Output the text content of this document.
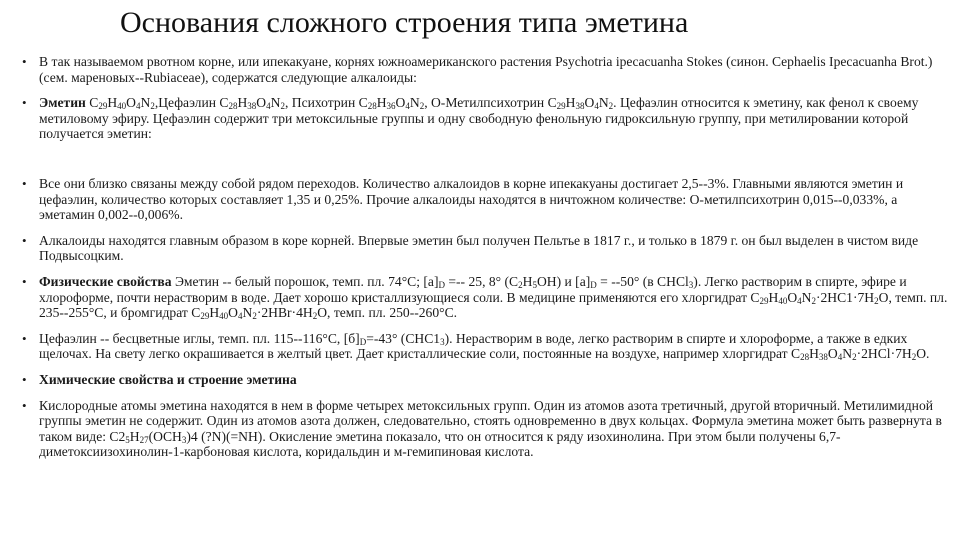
Основания сложного строения типа эметина
• В так называемом рвотном корне, или ипекакуане, корнях южноамериканского растения Psychotria ipecacuanha Stokes (синон. Cephaelis Ipecacuanha Brot.) (сем. мареновых--Rubiaceae), содержатся следующие алкалоиды:
• Эметин $C_{29}H_{40}O_4N_2,Цефаэлин$ $C_{28}H_{38}O_4N_2$, Психотрин $C_{28}H_{36}O_4N_2$, O-Метилпсихотрин $C_{29}H_{38}O_4N_2$. Цефаэлин относится к эметину, как фенол к своему метиловому эфиру. Цефаэлин содержит три метоксильные группы и одну свободную фенольную гидроксильную группу, при метилировании которой получается эметин:
• Все они близко связаны между собой рядом переходов. Количество алкалоидов в корне ипекакуаны достигает 2,5--3%. Главными являются эметин и цефаэлин, количество которых составляет 1,35 и 0,25%. Прочие алкалоиды находятся в ничтожном количестве: O-метилпсихотрин 0,015--0,033%, а эметамин 0,002--0,006%.
• Алкалоиды находятся главным образом в коре корней. Впервые эметин был получен Пельтье в 1817 г., и только в 1879 г. он был выделен в чистом виде Подвысоцким.
• Физические свойства Эметин -- белый порошок, темп. пл. 74°C; $[a]_D$ =-- 25, 8° $(C_2H_5OH)$ и $[a]_D = --50^\circ$ (в CHCl$_3$). Легко растворим в спирте, эфире и хлороформе, почти нерастворим в воде. Дает хорошо кристаллизующиеся соли. В медицине применяются его хлоргидрат $C_{29}H_{40}O_4N_2\cdot 2HC1\cdot 7H_2O$, темп. пл. 235--255°C, и бромгидрат $C_{29}H_{40}O_4N_2\cdot 2HBr\cdot 4H_2O$, темп. пл. 250--260°C.
• Цефаэлин -- бесцветные иглы, темп. пл. 115--116°C, $[б]_D=-43^\circ$ $(CHC1_3)$. Нерастворим в воде, легко растворим в спирте и хлороформе, а также в едких щелочах. На свету легко окрашивается в желтый цвет. Дает кристаллические соли, постоянные на воздухе, например хлоргидрат $C_{28}H_{38}O_4N_2\cdot 2HCl\cdot 7H_2O$.
• Химические свойства и строение эметина
• Кислородные атомы эметина находятся в нем в форме четырех метоксильных групп. Один из атомов азота третичный, другой вторичный. Метилимидной группы эметин не содержит. Один из атомов азота должен, следовательно, стоять одновременно в двух кольцах. Формула эметина может быть развернута в таком виде: $C2_5H_{27}(OCH_3)4$ (?N)(=NH). Окисление эметина показало, что он относится к ряду изохинолина. При этом были получены 6,7-диметоксиизохинолин-1-карбоновая кислота, коридальдин и м-гемипиновая кислота.
